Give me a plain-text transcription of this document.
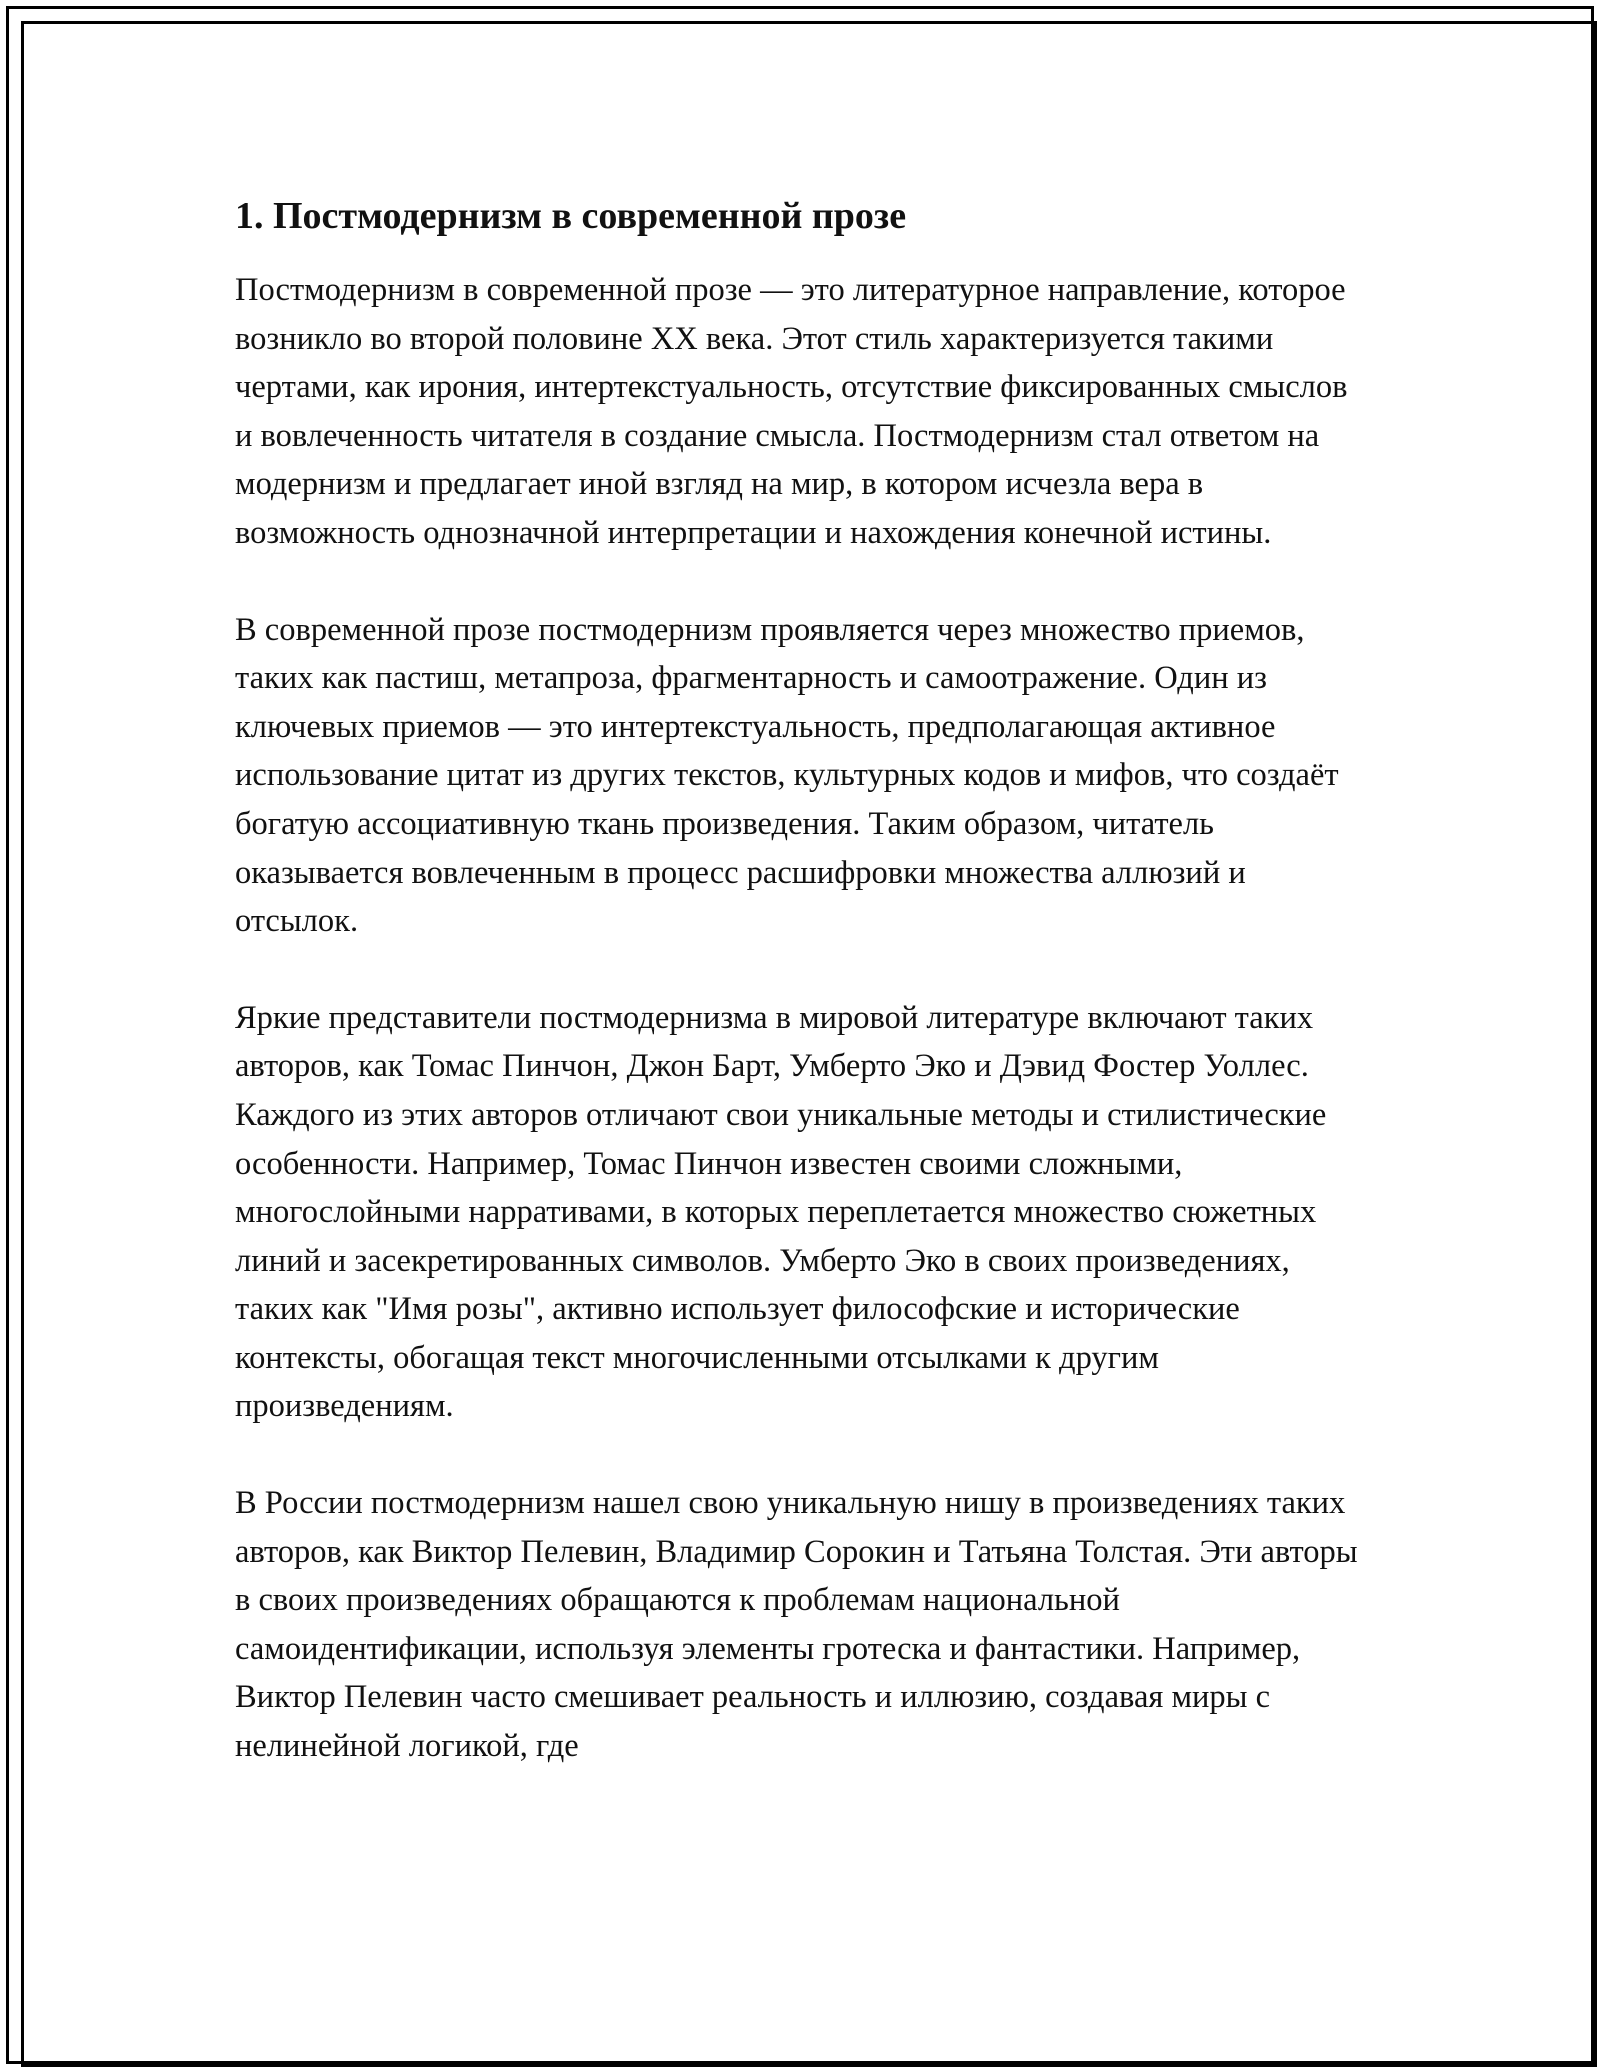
1. Постмодернизм в современной прозе

Постмодернизм в современной прозе — это литературное направление, которое возникло во второй половине XX века. Этот стиль характеризуется такими чертами, как ирония, интертекстуальность, отсутствие фиксированных смыслов и вовлеченность читателя в создание смысла. Постмодернизм стал ответом на модернизм и предлагает иной взгляд на мир, в котором исчезла вера в возможность однозначной интерпретации и нахождения конечной истины.

В современной прозе постмодернизм проявляется через множество приемов, таких как пастиш, метапроза, фрагментарность и самоотражение. Один из ключевых приемов — это интертекстуальность, предполагающая активное использование цитат из других текстов, культурных кодов и мифов, что создаёт богатую ассоциативную ткань произведения. Таким образом, читатель оказывается вовлеченным в процесс расшифровки множества аллюзий и отсылок.

Яркие представители постмодернизма в мировой литературе включают таких авторов, как Томас Пинчон, Джон Барт, Умберто Эко и Дэвид Фостер Уоллес. Каждого из этих авторов отличают свои уникальные методы и стилистические особенности. Например, Томас Пинчон известен своими сложными, многослойными нарративами, в которых переплетается множество сюжетных линий и засекретированных символов. Умберто Эко в своих произведениях, таких как "Имя розы", активно использует философские и исторические контексты, обогащая текст многочисленными отсылками к другим произведениям.

В России постмодернизм нашел свою уникальную нишу в произведениях таких авторов, как Виктор Пелевин, Владимир Сорокин и Татьяна Толстая. Эти авторы в своих произведениях обращаются к проблемам национальной самоидентификации, используя элементы гротеска и фантастики. Например, Виктор Пелевин часто смешивает реальность и иллюзию, создавая миры с нелинейной логикой, где
